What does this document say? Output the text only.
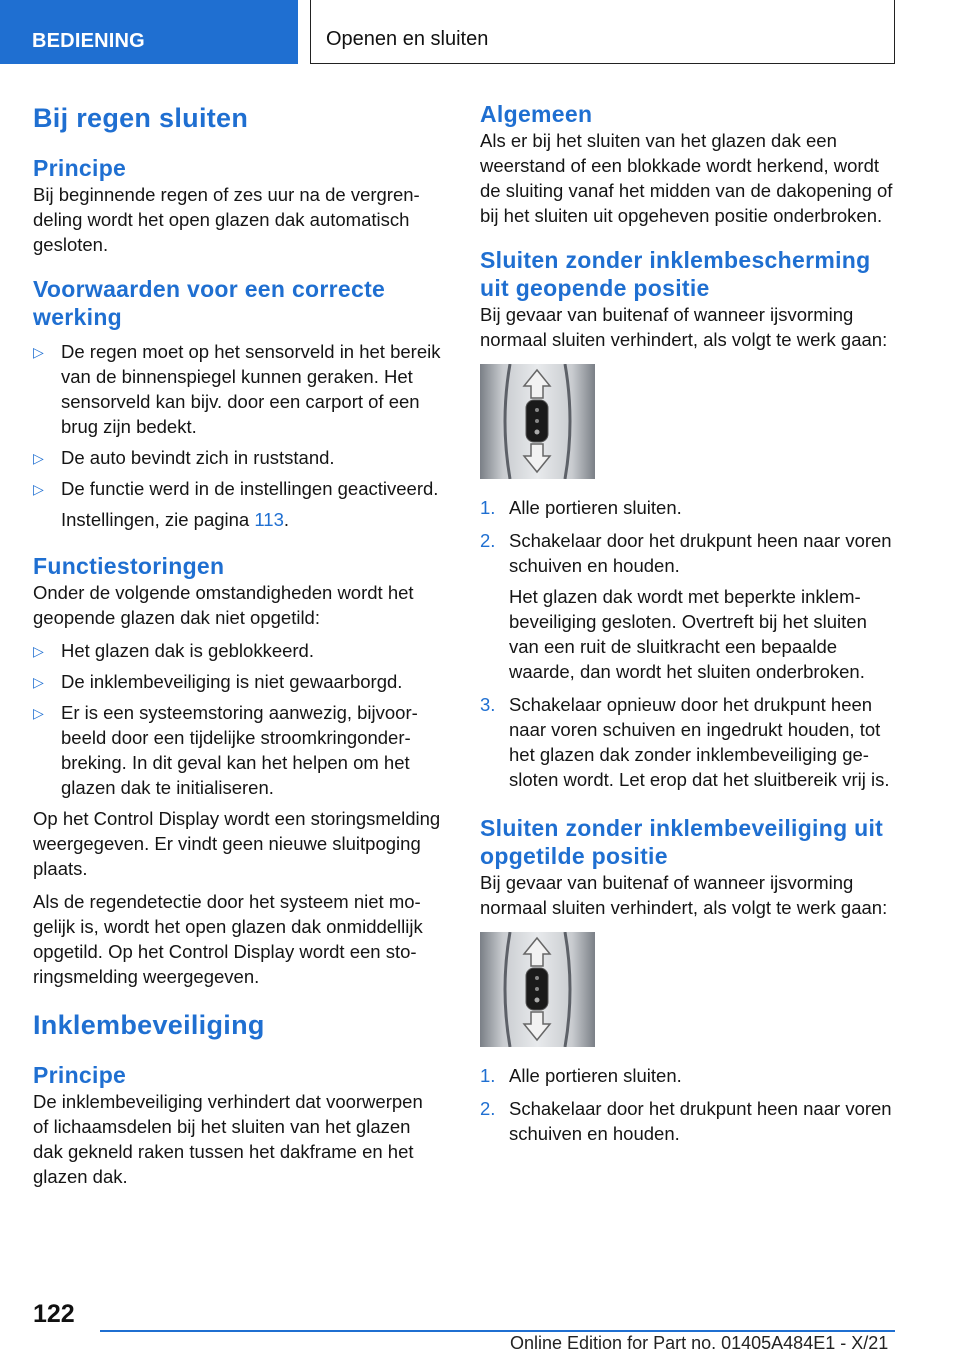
BEDIENING	Openen en sluiten
Bij regen sluiten
Principe

Bij beginnende regen of zes uur na de vergrendeling wordt het open glazen dak automatisch gesloten.

Voorwaarden voor een correcte werking
▷ De regen moet op het sensorveld in het bereik van de binnenspiegel kunnen geraken. Het sensorveld kan bijv. door een carport of een brug zijn bedekt.
▷ De auto bevindt zich in ruststand.
▷ De functie werd in de instellingen geactiveerd.
Instellingen, zie pagina 113.
Functiestoringen

Onder de volgende omstandigheden wordt het geopende glazen dak niet opgetild:

▷ Het glazen dak is geblokkeerd.
▷ De inklembeveiliging is niet gewaarborgd.
▷ Er is een systeemstoring aanwezig, bijvoorbeeld door een tijdelijke stroomkringonderbreking. In dit geval kan het helpen om het glazen dak te initialiseren.

Op het Control Display wordt een storingsmelding weergegeven. Er vindt geen nieuwe sluitpoging plaats.

Als de regendetectie door het systeem niet mogelijk is, wordt het open glazen dak onmiddellijk opgetild. Op het Control Display wordt een storingsmelding weergegeven.

Inklembeveiliging
Principe

De inklembeveiliging verhindert dat voorwerpen of lichaamsdelen bij het sluiten van het glazen dak gekneld raken tussen het dakframe en het glazen dak.

Algemeen

Als er bij het sluiten van het glazen dak een weerstand of een blokkade wordt herkend, wordt de sluiting vanaf het midden van de dakopening of bij het sluiten uit opgeheven positie onderbroken.

Sluiten zonder inklembescherming uit geopende positie

Bij gevaar van buitenaf of wanneer ijsvorming normaal sluiten verhindert, als volgt te werk gaan:

1. Alle portieren sluiten.
2. Schakelaar door het drukpunt heen naar voren schuiven en houden.
Het glazen dak wordt met beperkte inklembeveiliging gesloten. Overtreft bij het sluiten van een ruit de sluitkracht een bepaalde waarde, dan wordt het sluiten onderbroken.
3. Schakelaar opnieuw door het drukpunt heen naar voren schuiven en ingedrukt houden, tot het glazen dak zonder inklembeveiliging gesloten wordt. Let erop dat het sluitbereik vrij is.
Sluiten zonder inklembeveiliging uit opgetilde positie

Bij gevaar van buitenaf of wanneer ijsvorming normaal sluiten verhindert, als volgt te werk gaan:

1. Alle portieren sluiten.
2. Schakelaar door het drukpunt heen naar voren schuiven en houden.
122
Online Edition for Part no. 01405A484E1 - X/21
